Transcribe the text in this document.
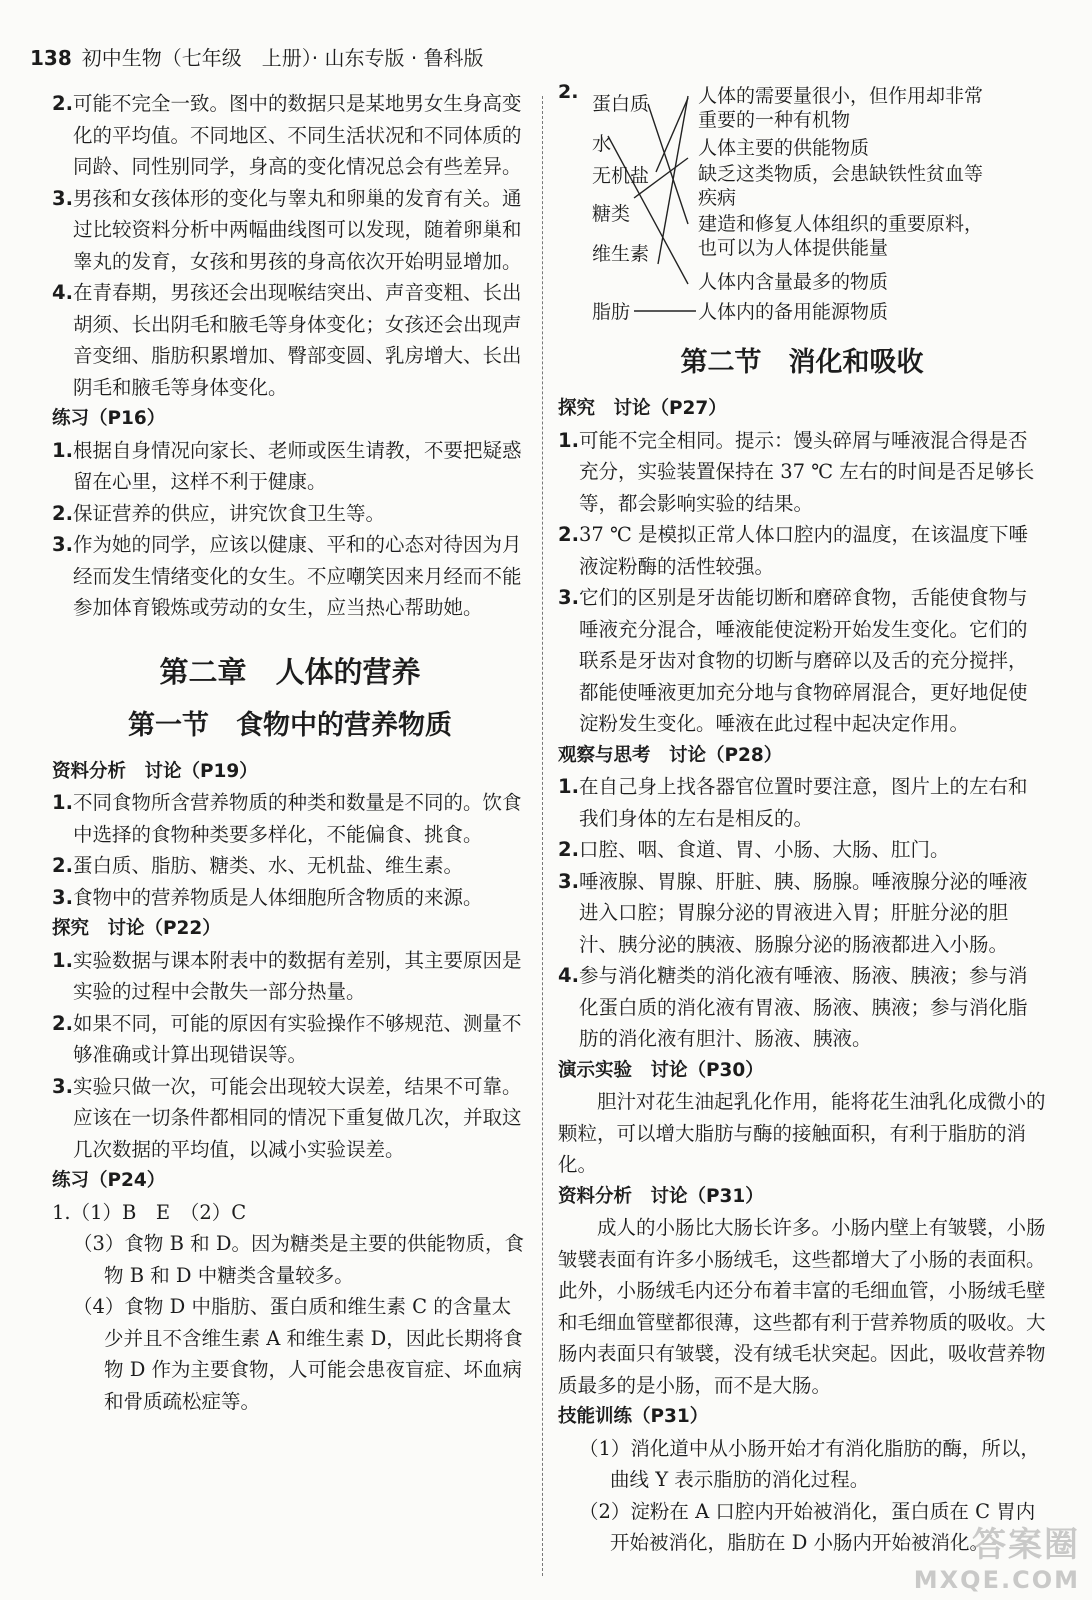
138 初中生物（七年级　上册）· 山东专版 · 鲁科版

2.可能不完全一致。图中的数据只是某地男女生身高变化的平均值。不同地区、不同生活状况和不同体质的同龄、同性别同学，身高的变化情况总会有些差异。

3.男孩和女孩体形的变化与睾丸和卵巢的发育有关。通过比较资料分析中两幅曲线图可以发现，随着卵巢和睾丸的发育，女孩和男孩的身高依次开始明显增加。

4.在青春期，男孩还会出现喉结突出、声音变粗、长出胡须、长出阴毛和腋毛等身体变化；女孩还会出现声音变细、脂肪积累增加、臀部变圆、乳房增大、长出阴毛和腋毛等身体变化。

练习（P16）

1.根据自身情况向家长、老师或医生请教，不要把疑惑留在心里，这样不利于健康。

2.保证营养的供应，讲究饮食卫生等。

3.作为她的同学，应该以健康、平和的心态对待因为月经而发生情绪变化的女生。不应嘲笑因来月经而不能参加体育锻炼或劳动的女生，应当热心帮助她。

第二章　人体的营养
第一节　食物中的营养物质
资料分析　讨论（P19）

1.不同食物所含营养物质的种类和数量是不同的。饮食中选择的食物种类要多样化，不能偏食、挑食。

2.蛋白质、脂肪、糖类、水、无机盐、维生素。

3.食物中的营养物质是人体细胞所含物质的来源。

探究　讨论（P22）

1.实验数据与课本附表中的数据有差别，其主要原因是实验的过程中会散失一部分热量。

2.如果不同，可能的原因有实验操作不够规范、测量不够准确或计算出现错误等。

3.实验只做一次，可能会出现较大误差，结果不可靠。应该在一切条件都相同的情况下重复做几次，并取这几次数据的平均值，以减小实验误差。

练习（P24）

1.（1）B　E　（2）C

（3）食物 B 和 D。因为糖类是主要的供能物质，食物 B 和 D 中糖类含量较多。

（4）食物 D 中脂肪、蛋白质和维生素 C 的含量太少并且不含维生素 A 和维生素 D，因此长期将食物 D 作为主要食物，人可能会患夜盲症、坏血病和骨质疏松症等。

2.
蛋白质
水
无机盐
糖类
维生素
脂肪
人体的需要量很小，但作用却非常
重要的一种有机物
人体主要的供能物质
缺乏这类物质，会患缺铁性贫血等
疾病
建造和修复人体组织的重要原料，
也可以为人体提供能量
人体内含量最多的物质
人体内的备用能源物质
第二节　消化和吸收
探究　讨论（P27）

1.可能不完全相同。提示：馒头碎屑与唾液混合得是否充分，实验装置保持在 37 ℃ 左右的时间是否足够长等，都会影响实验的结果。

2.37 ℃ 是模拟正常人体口腔内的温度，在该温度下唾液淀粉酶的活性较强。

3.它们的区别是牙齿能切断和磨碎食物，舌能使食物与唾液充分混合，唾液能使淀粉开始发生变化。它们的联系是牙齿对食物的切断与磨碎以及舌的充分搅拌，都能使唾液更加充分地与食物碎屑混合，更好地促使淀粉发生变化。唾液在此过程中起决定作用。

观察与思考　讨论（P28）

1.在自己身上找各器官位置时要注意，图片上的左右和我们身体的左右是相反的。

2.口腔、咽、食道、胃、小肠、大肠、肛门。

3.唾液腺、胃腺、肝脏、胰、肠腺。唾液腺分泌的唾液进入口腔；胃腺分泌的胃液进入胃；肝脏分泌的胆汁、胰分泌的胰液、肠腺分泌的肠液都进入小肠。

4.参与消化糖类的消化液有唾液、肠液、胰液；参与消化蛋白质的消化液有胃液、肠液、胰液；参与消化脂肪的消化液有胆汁、肠液、胰液。

演示实验　讨论（P30）

胆汁对花生油起乳化作用，能将花生油乳化成微小的颗粒，可以增大脂肪与酶的接触面积，有利于脂肪的消化。

资料分析　讨论（P31）

成人的小肠比大肠长许多。小肠内壁上有皱襞，小肠皱襞表面有许多小肠绒毛，这些都增大了小肠的表面积。此外，小肠绒毛内还分布着丰富的毛细血管，小肠绒毛壁和毛细血管壁都很薄，这些都有利于营养物质的吸收。大肠内表面只有皱襞，没有绒毛状突起。因此，吸收营养物质最多的是小肠，而不是大肠。

技能训练（P31）

（1）消化道中从小肠开始才有消化脂肪的酶，所以，曲线 Y 表示脂肪的消化过程。

（2）淀粉在 A 口腔内开始被消化，蛋白质在 C 胃内开始被消化，脂肪在 D 小肠内开始被消化。

答案圈
MXQE.COM
